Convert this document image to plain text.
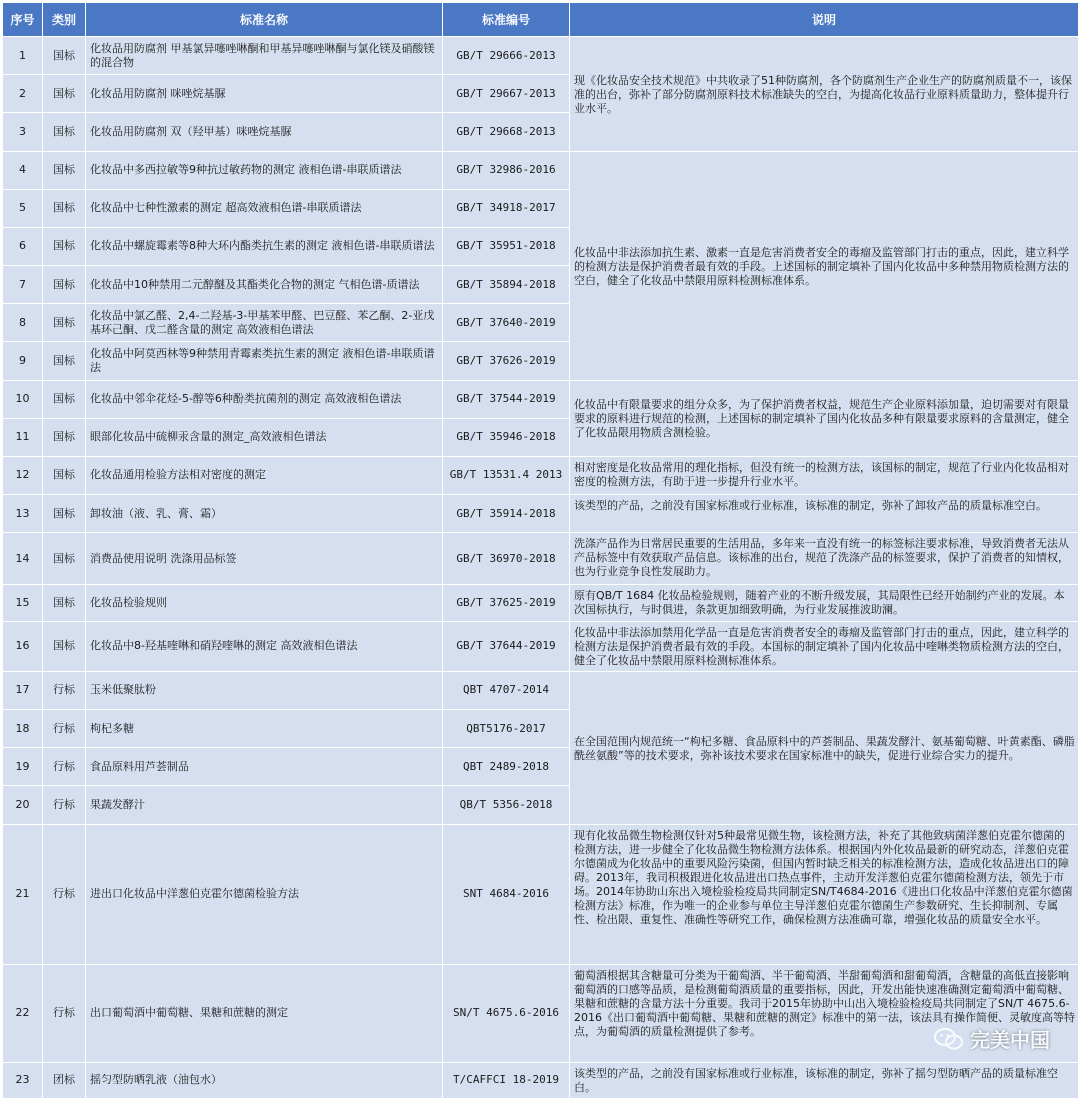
序号	类别	标准名称	标准编号	说明
1	国标	化妆品用防腐剂 甲基氯异噻唑啉酮和甲基异噻唑啉酮与氯化镁及硝酸镁的混合物	GB/T 29666-2013	现《化妆品安全技术规范》中共收录了51种防腐剂，各个防腐剂生产企业生产的防腐剂质量不一，该保准的出台，弥补了部分防腐剂原料技术标准缺失的空白，为提高化妆品行业原料质量助力，整体提升行业水平。
2	国标	化妆品用防腐剂 咪唑烷基脲	GB/T 29667-2013	
3	国标	化妆品用防腐剂 双（羟甲基）咪唑烷基脲	GB/T 29668-2013	
4	国标	化妆品中多西拉敏等9种抗过敏药物的测定 液相色谱-串联质谱法	GB/T 32986-2016	化妆品中非法添加抗生素、激素一直是危害消费者安全的毒瘤及监管部门打击的重点，因此，建立科学的检测方法是保护消费者最有效的手段。上述国标的制定填补了国内化妆品中多种禁用物质检测方法的空白，健全了化妆品中禁限用原料检测标准体系。
5	国标	化妆品中七种性激素的测定 超高效液相色谱-串联质谱法	GB/T 34918-2017	
6	国标	化妆品中螺旋霉素等8种大环内酯类抗生素的测定 液相色谱-串联质谱法	GB/T 35951-2018	
7	国标	化妆品中10种禁用二元醇醚及其酯类化合物的测定 气相色谱-质谱法	GB/T 35894-2018	
8	国标	化妆品中氯乙醛、2,4-二羟基-3-甲基苯甲醛、巴豆醛、苯乙酮、2-亚戊基环己酮、戊二醛含量的测定 高效液相色谱法	GB/T 37640-2019	
9	国标	化妆品中阿莫西林等9种禁用青霉素类抗生素的测定 液相色谱-串联质谱法	GB/T 37626-2019	
10	国标	化妆品中邻伞花烃-5-醇等6种酚类抗菌剂的测定 高效液相色谱法	GB/T 37544-2019	化妆品中有限量要求的组分众多，为了保护消费者权益，规范生产企业原料添加量，迫切需要对有限量要求的原料进行规范的检测，上述国标的制定填补了国内化妆品多种有限量要求原料的含量测定，健全了化妆品限用物质含测检验。
11	国标	眼部化妆品中硫柳汞含量的测定_高效液相色谱法	GB/T 35946-2018	
12	国标	化妆品通用检验方法相对密度的测定	GB/T 13531.4 2013	相对密度是化妆品常用的理化指标，但没有统一的检测方法，该国标的制定，规范了行业内化妆品相对密度的检测方法，有助于进一步提升行业水平。
13	国标	卸妆油（液、乳、膏、霜）	GB/T 35914-2018	该类型的产品，之前没有国家标准或行业标准，该标准的制定，弥补了卸妆产品的质量标准空白。
14	国标	消费品使用说明 洗涤用品标签	GB/T 36970-2018	洗涤产品作为日常居民重要的生活用品，多年来一直没有统一的标签标注要求标准，导致消费者无法从产品标签中有效获取产品信息。该标准的出台，规范了洗涤产品的标签要求，保护了消费者的知情权，也为行业竞争良性发展助力。
15	国标	化妆品检验规则	GB/T 37625-2019	原有QB/T 1684 化妆品检验规则，随着产业的不断升级发展，其局限性已经开始制约产业的发展。本次国标执行，与时俱进，条款更加细致明确，为行业发展推波助澜。
16	国标	化妆品中8-羟基喹啉和硝羟喹啉的测定 高效液相色谱法	GB/T 37644-2019	化妆品中非法添加禁用化学品一直是危害消费者安全的毒瘤及监管部门打击的重点，因此，建立科学的检测方法是保护消费者最有效的手段。本国标的制定填补了国内化妆品中喹啉类物质检测方法的空白，健全了化妆品中禁限用原料检测标准体系。
17	行标	玉米低聚肽粉	QBT 4707-2014	在全国范围内规范统一“枸杞多糖、食品原料中的芦荟制品、果蔬发酵汁、氨基葡萄糖、叶黄素酯、磷脂酰丝氨酸”等的技术要求，弥补该技术要求在国家标准中的缺失，促进行业综合实力的提升。
18	行标	枸杞多糖	QBT5176-2017	
19	行标	食品原料用芦荟制品	QBT 2489-2018	
20	行标	果蔬发酵汁	QB/T 5356-2018	
21	行标	进出口化妆品中洋葱伯克霍尔德菌检验方法	SNT 4684-2016	现有化妆品微生物检测仅针对5种最常见微生物，该检测方法，补充了其他致病菌洋葱伯克霍尔德菌的检测方法，进一步健全了化妆品微生物检测方法体系。根据国内外化妆品最新的研究动态，洋葱伯克霍尔德菌成为化妆品中的重要风险污染菌，但国内暂时缺乏相关的标准检测方法，造成化妆品进出口的障碍。2013年，我司积极跟进化妆品进出口热点事件，主动开发洋葱伯克霍尔德菌检测方法，领先于市场。2014年协助山东出入境检验检疫局共同制定SN/T4684-2016《进出口化妆品中洋葱伯克霍尔德菌检测方法》标准，作为唯一的企业参与单位主导洋葱伯克霍尔德菌生产参数研究、生长抑制剂、专属性、检出限、重复性、准确性等研究工作，确保检测方法准确可靠，增强化妆品的质量安全水平。
22	行标	出口葡萄酒中葡萄糖、果糖和蔗糖的测定	SN/T 4675.6-2016	葡萄酒根据其含糖量可分类为干葡萄酒、半干葡萄酒、半甜葡萄酒和甜葡萄酒，含糖量的高低直接影响葡萄酒的口感等品质，是检测葡萄酒质量的重要指标，因此，开发出能快速准确测定葡萄酒中葡萄糖、果糖和蔗糖的含量方法十分重要。我司于2015年协助中山出入境检验检疫局共同制定了SN/T 4675.6-2016《出口葡萄酒中葡萄糖、果糖和蔗糖的测定》标准中的第一法，该法具有操作简便、灵敏度高等特点，为葡萄酒的质量检测提供了参考。
23	团标	摇匀型防晒乳液（油包水）	T/CAFFCI 18-2019	该类型的产品，之前没有国家标准或行业标准，该标准的制定，弥补了摇匀型防晒产品的质量标准空白。
完美中国
